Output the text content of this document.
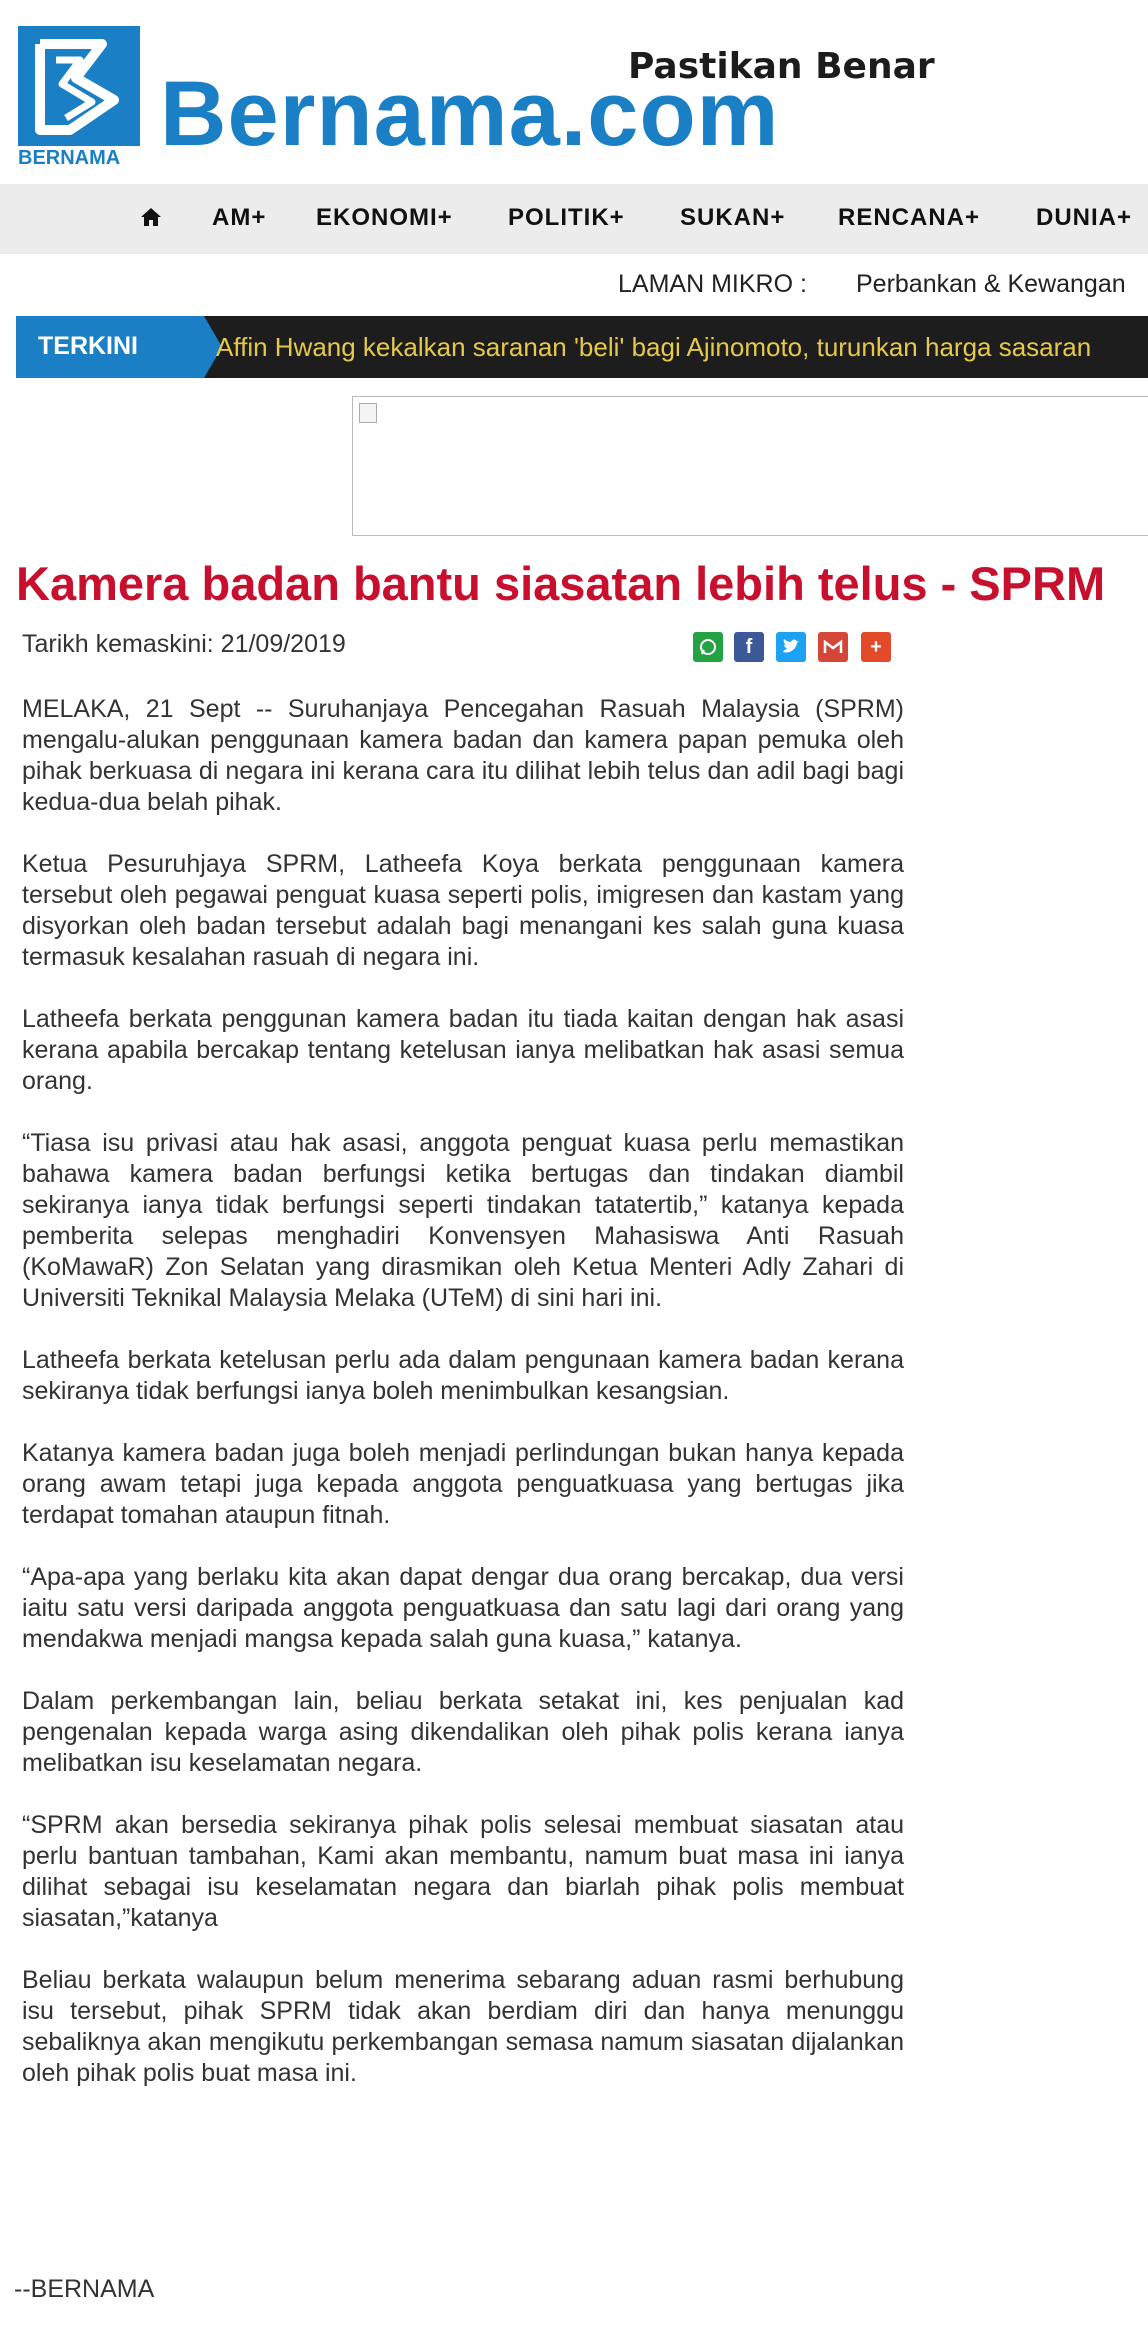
BERNAMA Bernama.com
Pastikan Benar
AM+ EKONOMI+ POLITIK+ SUKAN+ RENCANA+ DUNIA+
LAMAN MIKRO : Perbankan & Kewangan
TERKINI	Affin Hwang kekalkan saranan 'beli' bagi Ajinomoto, turunkan harga sasaran
Kamera badan bantu siasatan lebih telus - SPRM
Tarikh kemaskini: 21/09/2019	f	+

MELAKA, 21 Sept -- Suruhanjaya Pencegahan Rasuah Malaysia (SPRM) mengalu-alukan penggunaan kamera badan dan kamera papan pemuka oleh pihak berkuasa di negara ini kerana cara itu dilihat lebih telus dan adil bagi bagi kedua-dua belah pihak.

Ketua Pesuruhjaya SPRM, Latheefa Koya berkata penggunaan kamera tersebut oleh pegawai penguat kuasa seperti polis, imigresen dan kastam yang disyorkan oleh badan tersebut adalah bagi menangani kes salah guna kuasa termasuk kesalahan rasuah di negara ini.

Latheefa berkata penggunan kamera badan itu tiada kaitan dengan hak asasi kerana apabila bercakap tentang ketelusan ianya melibatkan hak asasi semua orang.

“Tiasa isu privasi atau hak asasi, anggota penguat kuasa perlu memastikan bahawa kamera badan berfungsi ketika bertugas dan tindakan diambil sekiranya ianya tidak berfungsi seperti tindakan tatatertib,” katanya kepada pemberita selepas menghadiri Konvensyen Mahasiswa Anti Rasuah (KoMawaR) Zon Selatan yang dirasmikan oleh Ketua Menteri Adly Zahari di Universiti Teknikal Malaysia Melaka (UTeM) di sini hari ini.

Latheefa berkata ketelusan perlu ada dalam pengunaan kamera badan kerana sekiranya tidak berfungsi ianya boleh menimbulkan kesangsian.

Katanya kamera badan juga boleh menjadi perlindungan bukan hanya kepada orang awam tetapi juga kepada anggota penguatkuasa yang bertugas jika terdapat tomahan ataupun fitnah.

“Apa-apa yang berlaku kita akan dapat dengar dua orang bercakap, dua versi iaitu satu versi daripada anggota penguatkuasa dan satu lagi dari orang yang mendakwa menjadi mangsa kepada salah guna kuasa,” katanya.

Dalam perkembangan lain, beliau berkata setakat ini, kes penjualan kad pengenalan kepada warga asing dikendalikan oleh pihak polis kerana ianya melibatkan isu keselamatan negara.

“SPRM akan bersedia sekiranya pihak polis selesai membuat siasatan atau perlu bantuan tambahan, Kami akan membantu, namum buat masa ini ianya dilihat sebagai isu keselamatan negara dan biarlah pihak polis membuat siasatan,”katanya

Beliau berkata walaupun belum menerima sebarang aduan rasmi berhubung isu tersebut, pihak SPRM tidak akan berdiam diri dan hanya menunggu sebaliknya akan mengikutu perkembangan semasa namum siasatan dijalankan oleh pihak polis buat masa ini.

--BERNAMA
